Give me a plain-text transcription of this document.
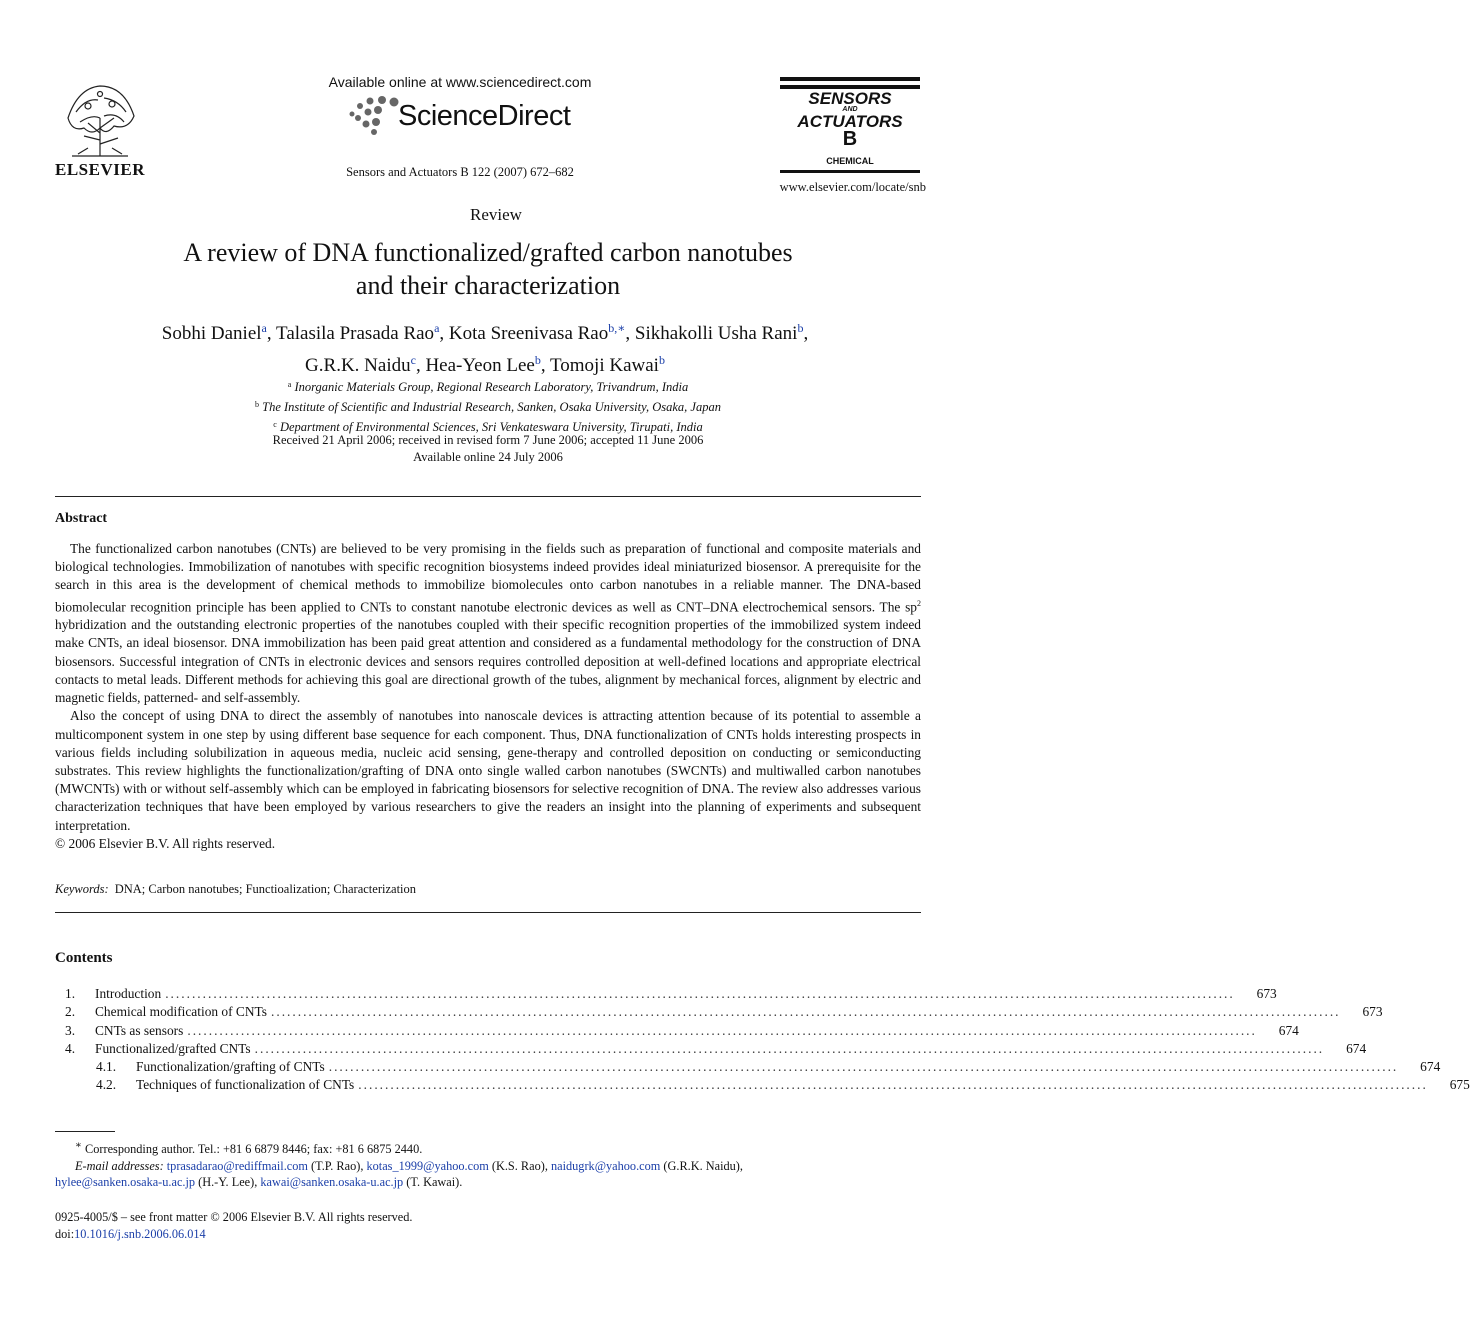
ELSEVIER
Available online at www.sciencedirect.com
ScienceDirect
Sensors and Actuators B 122 (2007) 672–682
SENSORS
AND
ACTUATORS
B
CHEMICAL
www.elsevier.com/locate/snb
Review
A review of DNA functionalized/grafted carbon nanotubes
and their characterization
Sobhi Daniel$^a$, Talasila Prasada Rao$^a$, Kota Sreenivasa Rao$^{b,∗}$, Sikhakolli Usha Rani$^b$,
G.R.K. Naidu$^c$, Hea-Yeon Lee$^b$, Tomoji Kawai$^b$
$^a$ Inorganic Materials Group, Regional Research Laboratory, Trivandrum, India
$^b$ The Institute of Scientific and Industrial Research, Sanken, Osaka University, Osaka, Japan
$^c$ Department of Environmental Sciences, Sri Venkateswara University, Tirupati, India
Received 21 April 2006; received in revised form 7 June 2006; accepted 11 June 2006
Available online 24 July 2006
Abstract

The functionalized carbon nanotubes (CNTs) are believed to be very promising in the fields such as preparation of functional and composite materials and biological technologies. Immobilization of nanotubes with specific recognition biosystems indeed provides ideal miniaturized biosensor. A prerequisite for the search in this area is the development of chemical methods to immobilize biomolecules onto carbon nanotubes in a reliable manner. The DNA-based biomolecular recognition principle has been applied to CNTs to constant nanotube electronic devices as well as CNT–DNA electrochemical sensors. The $sp^2$ hybridization and the outstanding electronic properties of the nanotubes coupled with their specific recognition properties of the immobilized system indeed make CNTs, an ideal biosensor. DNA immobilization has been paid great attention and considered as a fundamental methodology for the construction of DNA biosensors. Successful integration of CNTs in electronic devices and sensors requires controlled deposition at well-defined locations and appropriate electrical contacts to metal leads. Different methods for achieving this goal are directional growth of the tubes, alignment by mechanical forces, alignment by electric and magnetic fields, patterned- and self-assembly.

Also the concept of using DNA to direct the assembly of nanotubes into nanoscale devices is attracting attention because of its potential to assemble a multicomponent system in one step by using different base sequence for each component. Thus, DNA functionalization of CNTs holds interesting prospects in various fields including solubilization in aqueous media, nucleic acid sensing, gene-therapy and controlled deposition on conducting or semiconducting substrates. This review highlights the functionalization/grafting of DNA onto single walled carbon nanotubes (SWCNTs) and multiwalled carbon nanotubes (MWCNTs) with or without self-assembly which can be employed in fabricating biosensors for selective recognition of DNA. The review also addresses various characterization techniques that have been employed by various researchers to give the readers an insight into the planning of experiments and subsequent interpretation.

© 2006 Elsevier B.V. All rights reserved.

Keywords: DNA; Carbon nanotubes; Functioalization; Characterization
Contents
1.	Introduction ........................................................................................................................................................................................................	673
2.	Chemical modification of CNTs ........................................................................................................................................................................................................	673
3.	CNTs as sensors ........................................................................................................................................................................................................	674
4.	Functionalized/grafted CNTs ........................................................................................................................................................................................................	674
4.1.	Functionalization/grafting of CNTs ........................................................................................................................................................................................................	674
4.2.	Techniques of functionalization of CNTs ........................................................................................................................................................................................................	675
∗ Corresponding author. Tel.: +81 6 6879 8446; fax: +81 6 6875 2440.
E-mail addresses: tprasadarao@rediffmail.com (T.P. Rao), kotas_1999@yahoo.com (K.S. Rao), naidugrk@yahoo.com (G.R.K. Naidu),
hylee@sanken.osaka-u.ac.jp (H.-Y. Lee), kawai@sanken.osaka-u.ac.jp (T. Kawai).
0925-4005/$ – see front matter © 2006 Elsevier B.V. All rights reserved.
doi:10.1016/j.snb.2006.06.014
